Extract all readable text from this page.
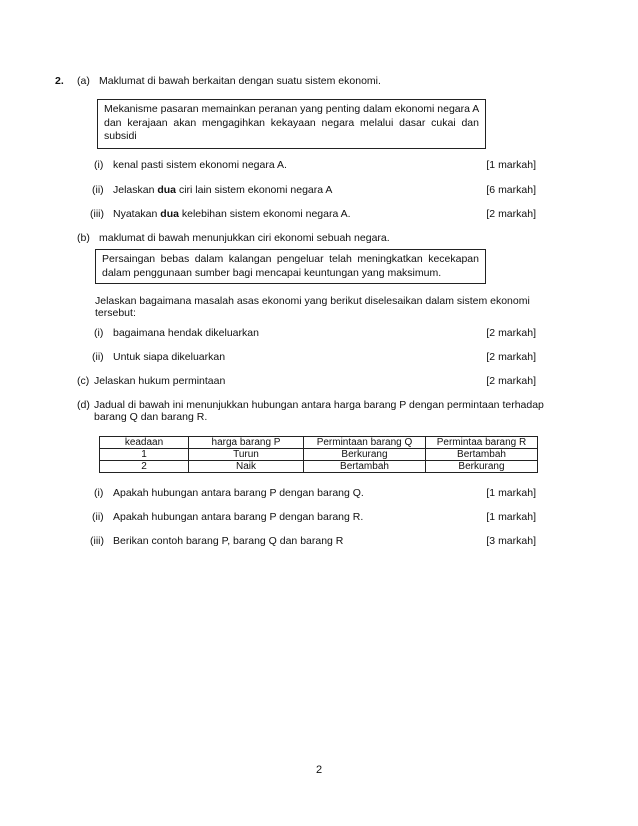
2. (a) Maklumat di bawah berkaitan dengan suatu sistem ekonomi.
Mekanisme pasaran memainkan peranan yang penting dalam ekonomi negara A
dan kerajaan akan mengagihkan kekayaan negara melalui dasar cukai dan
subsidi
(i) kenal pasti sistem ekonomi negara A.	[1 markah]
(ii) Jelaskan dua ciri lain sistem ekonomi negara A	[6 markah]
(iii) Nyatakan dua kelebihan sistem ekonomi negara A.	[2 markah]
(b) maklumat di bawah menunjukkan ciri ekonomi sebuah negara.
Persaingan bebas dalam kalangan pengeluar telah meningkatkan kecekapan
dalam penggunaan sumber bagi mencapai keuntungan yang maksimum.
Jelaskan bagaimana masalah asas ekonomi yang berikut diselesaikan dalam sistem ekonomi
tersebut:
(i) bagaimana hendak dikeluarkan	[2 markah]
(ii) Untuk siapa dikeluarkan	[2 markah]
(c) Jelaskan hukum permintaan	[2 markah]
(d) Jadual di bawah ini menunjukkan hubungan antara harga barang P dengan permintaan terhadap
barang Q dan barang R.
keadaan	harga barang P	Permintaan barang Q	Permintaa barang R
1	Turun	Berkurang	Bertambah
2	Naik	Bertambah	Berkurang
(i) Apakah hubungan antara barang P dengan barang Q.	[1 markah]
(ii) Apakah hubungan antara barang P dengan barang R.	[1 markah]
(iii) Berikan contoh barang P, barang Q dan barang R	[3 markah]
2
